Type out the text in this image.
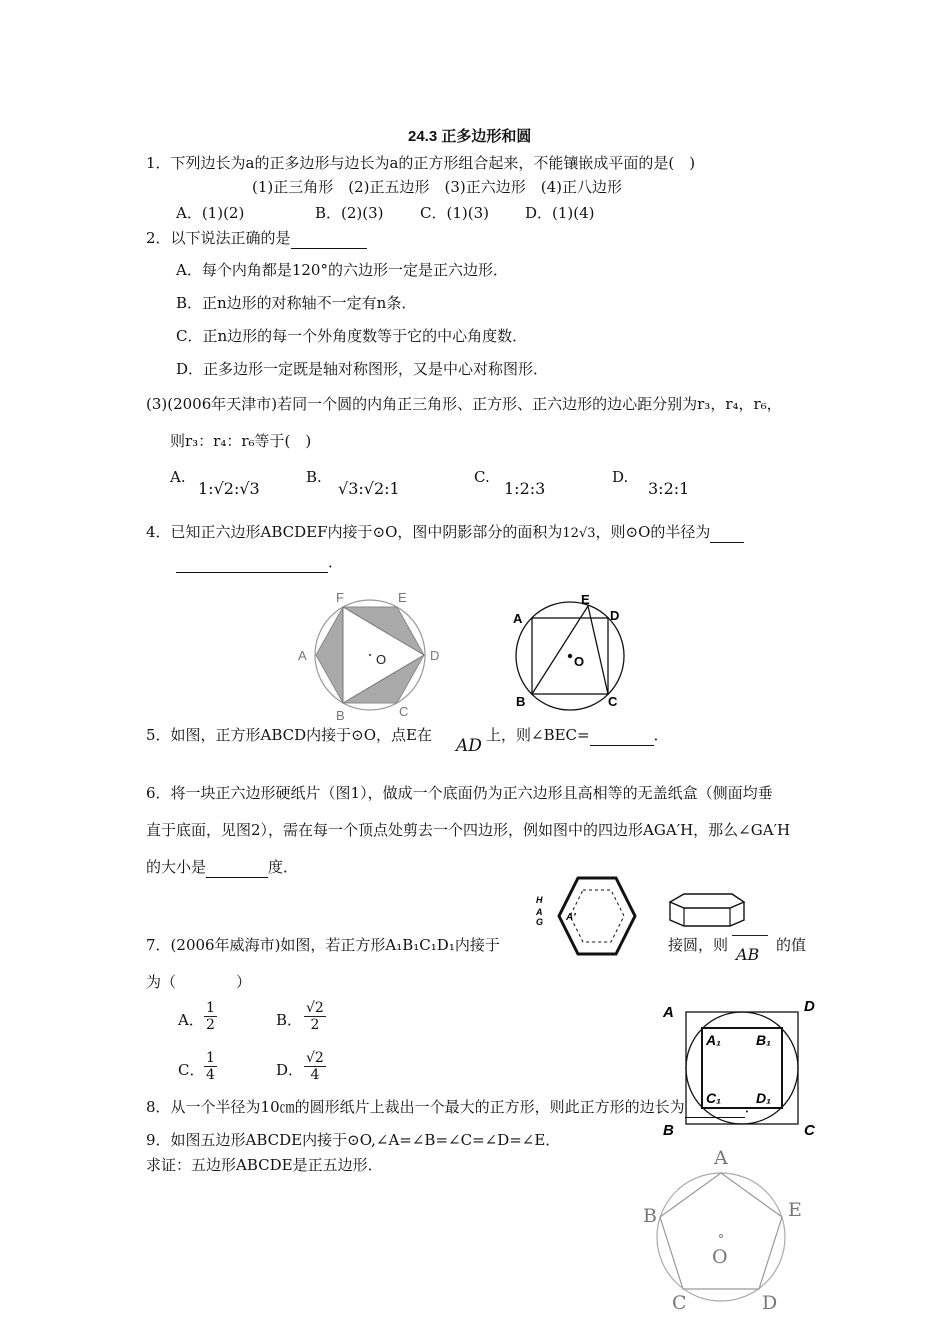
24.3 正多边形和圆
1．下列边长为a的正多边形与边长为a的正方形组合起来，不能镶嵌成平面的是(　)
(1)正三角形　(2)正五边形　(3)正六边形　(4)正八边形
A．(1)(2)	B．(2)(3) C．(1)(3) D．(1)(4)
2．以下说法正确的是
A．每个内角都是120°的六边形一定是正六边形．
B．正n边形的对称轴不一定有n条．
C．正n边形的每一个外角度数等于它的中心角度数．
D．正多边形一定既是轴对称图形，又是中心对称图形．
(3)(2006年天津市)若同一个圆的内角正三角形、正方形、正六边形的边心距分别为r₃，r₄，r₆，
则r₃：r₄：r₆等于(　)
A.
1:√2:√3
B.
√3:√2:1
C.
1:2:3
D.
3:2:1
4．已知正六边形ABCDEF内接于⊙O，图中阴影部分的面积为12√3，则⊙O的半径为
．
F	E
A	D
B	C
O
A
E
D
B	C
O
5．如图，正方形ABCD内接于⊙O，点E在
AD
上，则∠BEC=	．
6．将一块正六边形硬纸片（图1），做成一个底面仍为正六边形且高相等的无盖纸盒（侧面均垂
直于底面，见图2），需在每一个顶点处剪去一个四边形，例如图中的四边形AGA′H，那么∠GA′H
的大小是	度．
H
A
G A′
7．(2006年威海市)如图，若正方形A₁B₁C₁D₁内接于	接圆，则 AB 的值
为（　　　　）
A． $\frac{1}{2}$	B． $\frac{√2}{2}$
C． $\frac{1}{4}$	D． $\frac{√2}{4}$
A	D
B	C
A₁ B₁
C₁ D₁
8．从一个半径为10㎝的圆形纸片上裁出一个最大的正方形，则此正方形的边长为	．
9．如图五边形ABCDE内接于⊙O,∠A=∠B=∠C=∠D=∠E．
求证：五边形ABCDE是正五边形．	A
B	E
O
C	D
